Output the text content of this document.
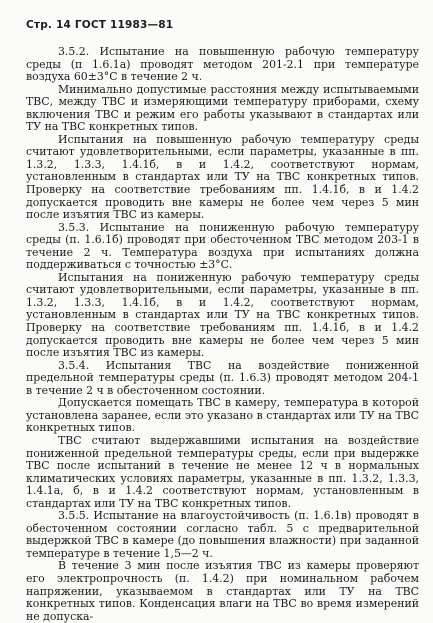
Стр. 14 ГОСТ 11983—81

3.5.2. Испытание на повышенную рабочую температуру среды (п 1.6.1а) проводят методом 201-2.1 при температуре воздуха 60±3°С в течение 2 ч.

Минимально допустимые расстояния между испытываемыми ТВС, между ТВС и измеряющими температуру приборами, схему включения ТВС и режим его работы указывают в стандартах или ТУ на ТВС конкретных типов.

Испытания на повышенную рабочую температуру среды считают удовлетворительными, если параметры, указанные в пп. 1.3.2, 1.3.3, 1.4.1б, в и 1.4.2, соответствуют нормам, установленным в стандартах или ТУ на ТВС конкретных типов. Проверку на соответствие требованиям пп. 1.4.1б, в и 1.4.2 допускается проводить вне камеры не более чем через 5 мин после изъятия ТВС из камеры.

3.5.3. Испытание на пониженную рабочую температуру среды (п. 1.6.1б) проводят при обесточенном ТВС методом 203-1 в течение 2 ч. Температура воздуха при испытаниях должна поддерживаться с точностью ±3°С.

Испытания на пониженную рабочую температуру среды считают удовлетворительными, если параметры, указанные в пп. 1.3.2, 1.3.3, 1.4.1б, в и 1.4.2, соответствуют нормам, установленным в стандартах или ТУ на ТВС конкретных типов. Проверку на соответствие требованиям пп. 1.4.1б, в и 1.4.2 допускается проводить вне камеры не более чем через 5 мин после изъятия ТВС из камеры.

3.5.4. Испытания ТВС на воздействие пониженной предельной температуры среды (п. 1.6.3) проводят методом 204-1 в течение 2 ч в обесточенном состоянии.

Допускается помещать ТВС в камеру, температура в которой установлена заранее, если это указано в стандартах или ТУ на ТВС конкретных типов.

ТВС считают выдержавшими испытания на воздействие пониженной предельной температуры среды, если при выдержке ТВС после испытаний в течение не менее 12 ч в нормальных климатических условиях параметры, указанные в пп. 1.3.2, 1.3.3, 1.4.1а, б, в и 1.4.2 соответствуют нормам, установленным в стандартах или ТУ на ТВС конкретных типов.

3.5.5. Испытание на влагоустойчивость (п. 1.6.1в) проводят в обесточенном состоянии согласно табл. 5 с предварительной выдержкой ТВС в камере (до повышения влажности) при заданной температуре в течение 1,5—2 ч.

В течение 3 мин после изъятия ТВС из камеры проверяют его электропрочность (п. 1.4.2) при номинальном рабочем напряжении, указываемом в стандартах или ТУ на ТВС конкретных типов. Конденсация влаги на ТВС во время измерений не допуска-
